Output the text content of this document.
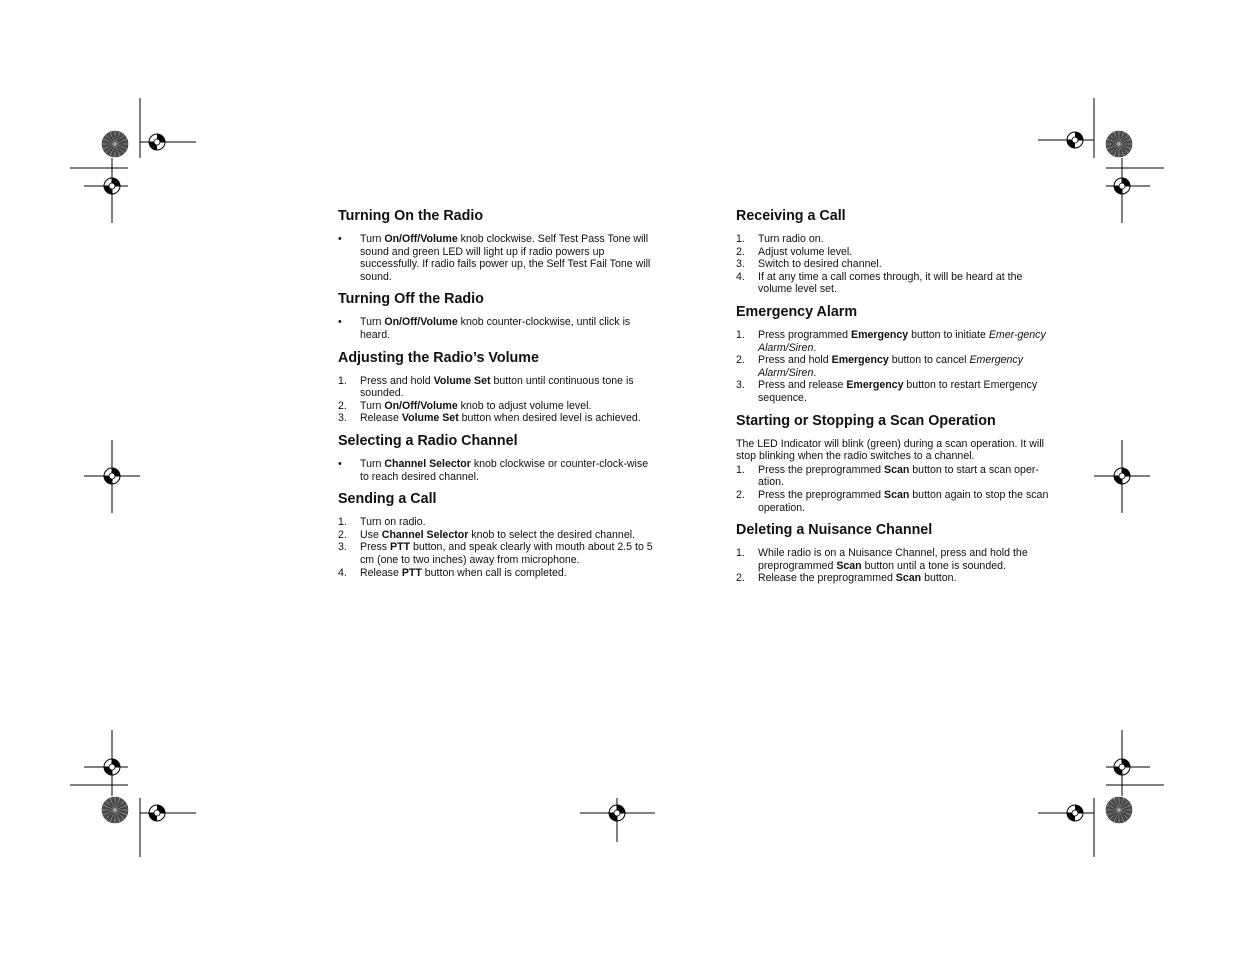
Turning On the Radio
•	Turn On/Off/Volume knob clockwise. Self Test Pass Tone will sound and green LED will light up if radio powers up successfully. If radio fails power up, the Self Test Fail Tone will sound.
Turning Off the Radio
•	Turn On/Off/Volume knob counter-clockwise, until click is heard.
Adjusting the Radio’s Volume
1.	Press and hold Volume Set button until continuous tone is sounded.
2.	Turn On/Off/Volume knob to adjust volume level.
3.	Release Volume Set button when desired level is achieved.
Selecting a Radio Channel
•	Turn Channel Selector knob clockwise or counter-clock-wise to reach desired channel.
Sending a Call
1.	Turn on radio.
2.	Use Channel Selector knob to select the desired channel.
3.	Press PTT button, and speak clearly with mouth about 2.5 to 5 cm (one to two inches) away from microphone.
4.	Release PTT button when call is completed.
Receiving a Call
1.	Turn radio on.
2.	Adjust volume level.
3.	Switch to desired channel.
4.	If at any time a call comes through, it will be heard at the volume level set.
Emergency Alarm
1.	Press programmed Emergency button to initiate Emer-gency Alarm/Siren.
2.	Press and hold Emergency button to cancel Emergency Alarm/Siren.
3.	Press and release Emergency button to restart Emergency sequence.
Starting or Stopping a Scan Operation
The LED Indicator will blink (green) during a scan operation. It will stop blinking when the radio switches to a channel.
1.	Press the preprogrammed Scan button to start a scan oper-ation.
2.	Press the preprogrammed Scan button again to stop the scan operation.
Deleting a Nuisance Channel
1.	While radio is on a Nuisance Channel, press and hold the preprogrammed Scan button until a tone is sounded.
2.	Release the preprogrammed Scan button.
